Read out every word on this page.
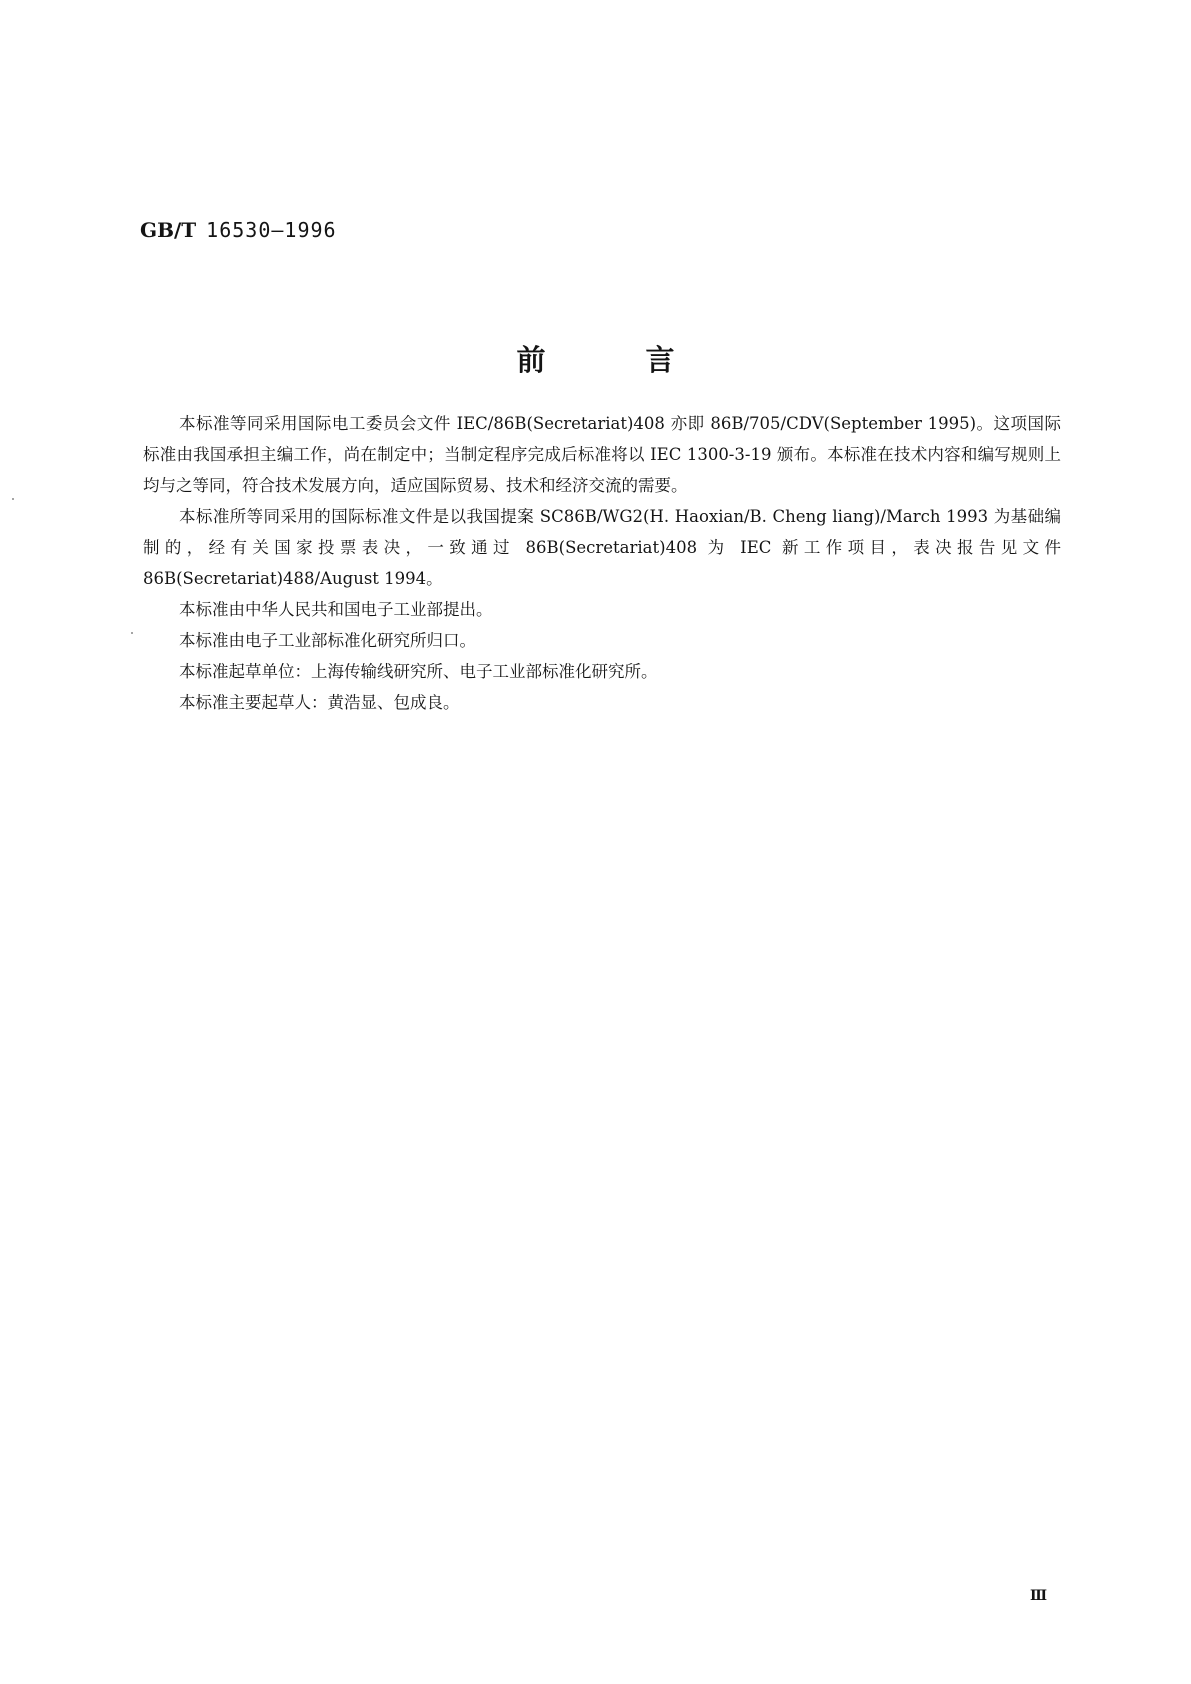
GB/T 16530—1996
前言

本标准等同采用国际电工委员会文件 IEC/86B(Secretariat)408 亦即 86B/705/CDV(September 1995)。这项国际标准由我国承担主编工作，尚在制定中；当制定程序完成后标准将以 IEC 1300-3-19 颁布。本标准在技术内容和编写规则上均与之等同，符合技术发展方向，适应国际贸易、技术和经济交流的需要。

本标准所等同采用的国际标准文件是以我国提案 SC86B/WG2(H. Haoxian/B. Cheng liang)/March 1993 为基础编制的，经有关国家投票表决，一致通过 86B(Secretariat)408 为 IEC 新工作项目，表决报告见文件 86B(Secretariat)488/August 1994。

本标准由中华人民共和国电子工业部提出。

本标准由电子工业部标准化研究所归口。

本标准起草单位：上海传输线研究所、电子工业部标准化研究所。

本标准主要起草人：黄浩显、包成良。

Ⅲ
